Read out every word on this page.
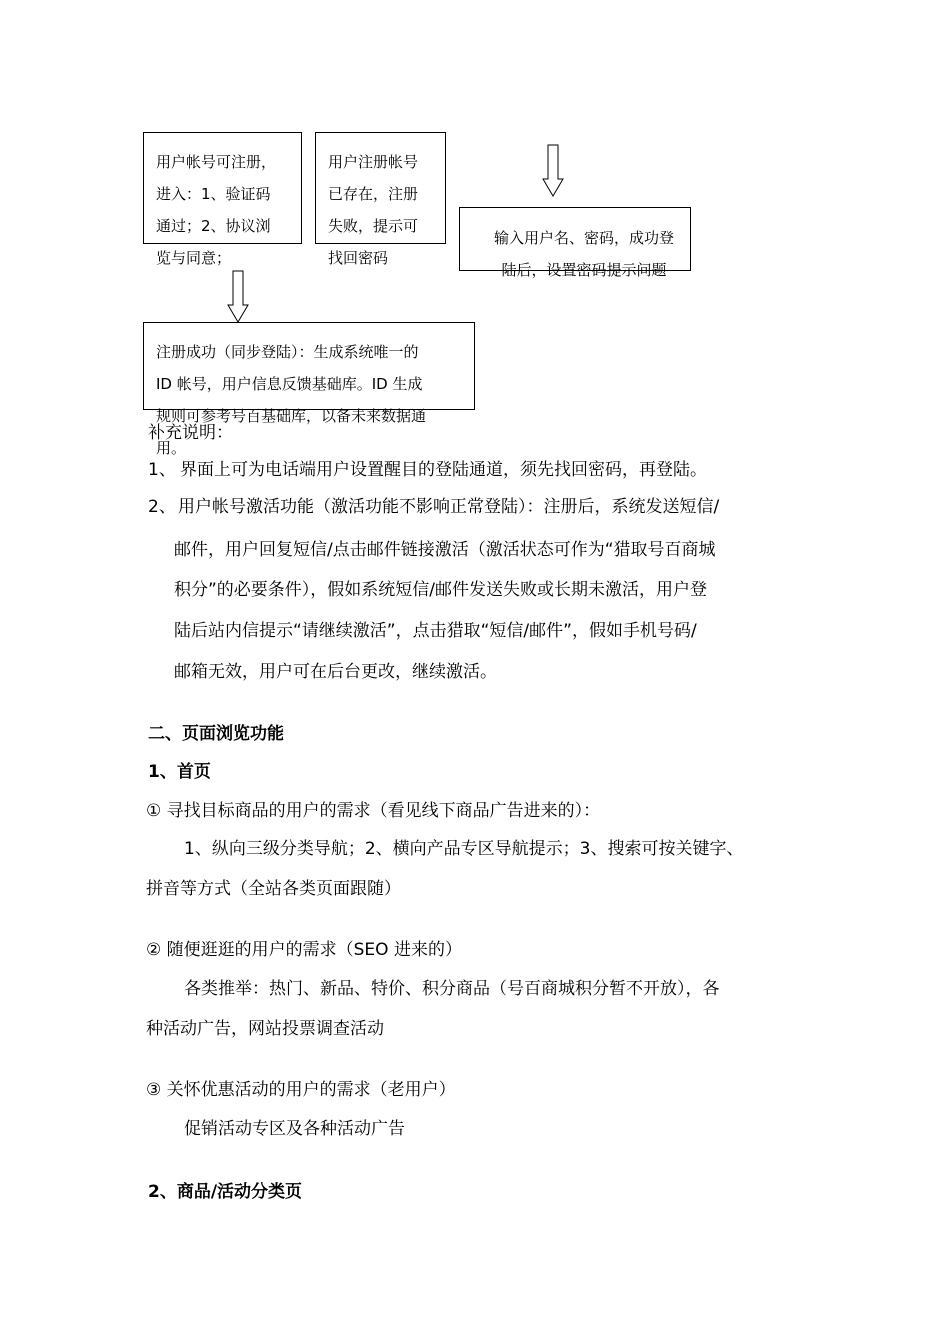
用户帐号可注册，
进入：1、验证码
通过；2、协议浏
览与同意；
用户注册帐号
已存在，注册
失败，提示可
找回密码
输入用户名、密码，成功登
陆后，设置密码提示问题
注册成功（同步登陆）：生成系统唯一的
ID 帐号，用户信息反馈基础库。ID 生成
规则可参考号百基础库，以备未来数据通
用。
补充说明：
1、 界面上可为电话端用户设置醒目的登陆通道，须先找回密码，再登陆。
2、 用户帐号激活功能（激活功能不影响正常登陆）：注册后，系统发送短信/
邮件，用户回复短信/点击邮件链接激活（激活状态可作为“猎取号百商城
积分”的必要条件），假如系统短信/邮件发送失败或长期未激活，用户登
陆后站内信提示“请继续激活”，点击猎取“短信/邮件”，假如手机号码/
邮箱无效，用户可在后台更改，继续激活。
二、页面浏览功能
1、首页
① 寻找目标商品的用户的需求（看见线下商品广告进来的）：
1、纵向三级分类导航；2、横向产品专区导航提示；3、搜索可按关键字、
拼音等方式（全站各类页面跟随）
② 随便逛逛的用户的需求（SEO 进来的）
各类推举：热门、新品、特价、积分商品（号百商城积分暂不开放），各
种活动广告，网站投票调查活动
③ 关怀优惠活动的用户的需求（老用户）
促销活动专区及各种活动广告
2、商品/活动分类页
